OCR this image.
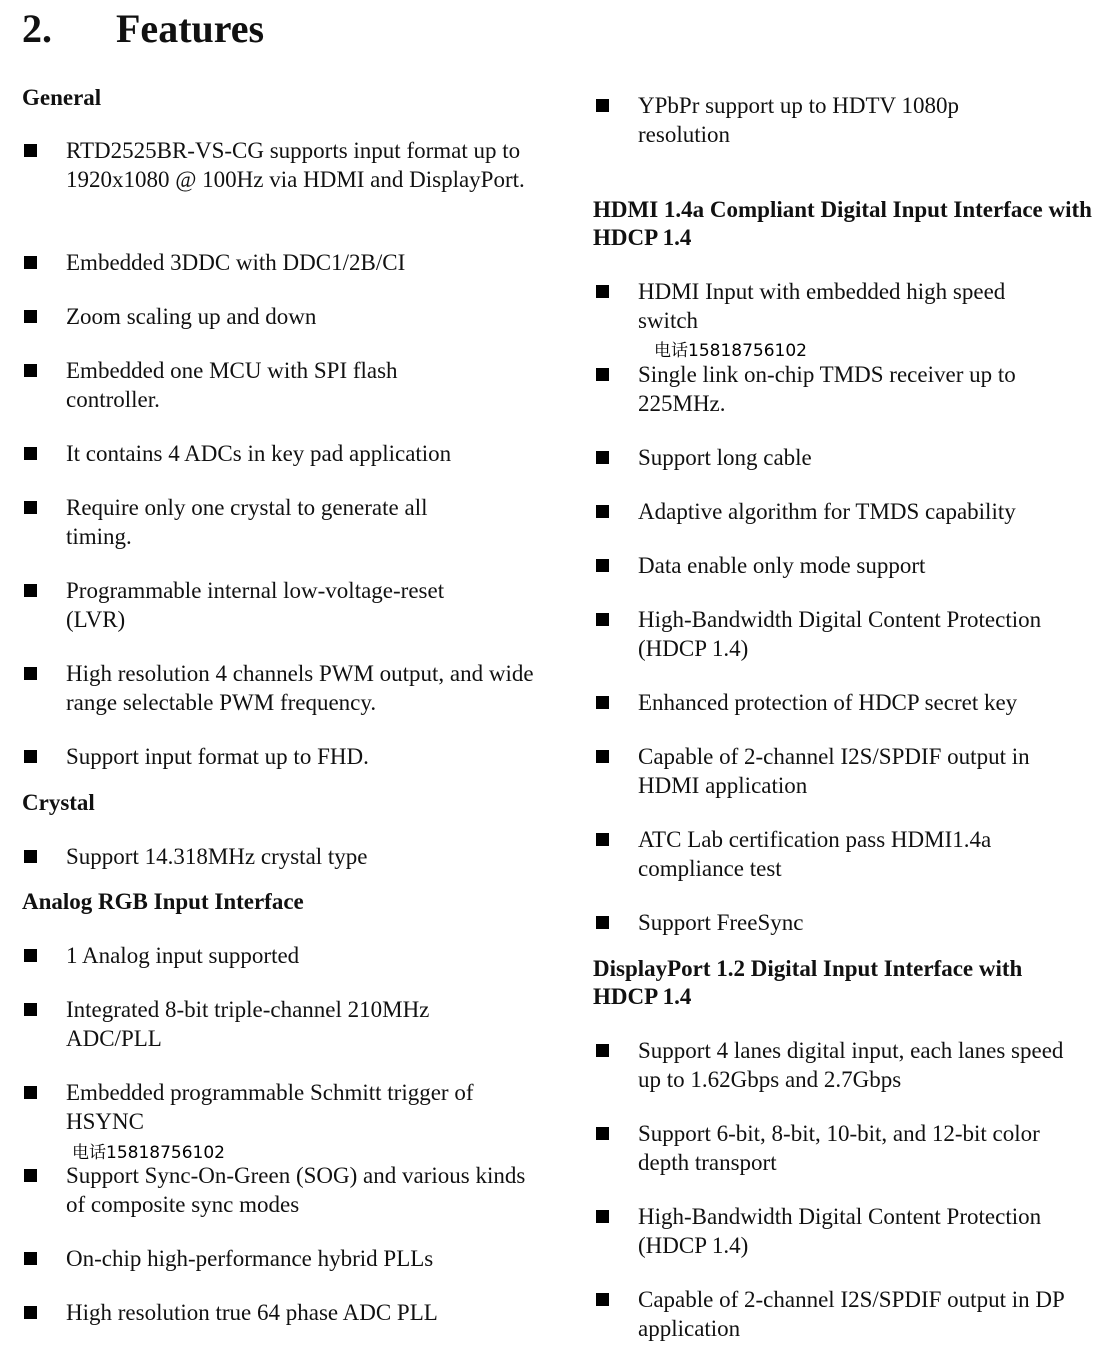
2. Features
General
RTD2525BR-VS-CG supports input format up to 1920x1080 @ 100Hz via HDMI and DisplayPort.
Embedded 3DDC with DDC1/2B/CI
Zoom scaling up and down
Embedded one MCU with SPI flash controller.
It contains 4 ADCs in key pad application
Require only one crystal to generate all timing.
Programmable internal low-voltage-reset (LVR)
High resolution 4 channels PWM output, and wide range selectable PWM frequency.
Support input format up to FHD.
Crystal
Support 14.318MHz crystal type
Analog RGB Input Interface
1 Analog input supported
Integrated 8-bit triple-channel 210MHz ADC/PLL
Embedded programmable Schmitt trigger of HSYNC
电话15818756102
Support Sync-On-Green (SOG) and various kinds of composite sync modes
On-chip high-performance hybrid PLLs
High resolution true 64 phase ADC PLL
YPbPr support up to HDTV 1080p resolution
HDMI 1.4a Compliant Digital Input Interface with HDCP 1.4
HDMI Input with embedded high speed switch
电话15818756102
Single link on-chip TMDS receiver up to 225MHz.
Support long cable
Adaptive algorithm for TMDS capability
Data enable only mode support
High-Bandwidth Digital Content Protection (HDCP 1.4)
Enhanced protection of HDCP secret key
Capable of 2-channel I2S/SPDIF output in HDMI application
ATC Lab certification pass HDMI1.4a compliance test
Support FreeSync
DisplayPort 1.2 Digital Input Interface with HDCP 1.4
Support 4 lanes digital input, each lanes speed up to 1.62Gbps and 2.7Gbps
Support 6-bit, 8-bit, 10-bit, and 12-bit color depth transport
High-Bandwidth Digital Content Protection (HDCP 1.4)
Capable of 2-channel I2S/SPDIF output in DP application
